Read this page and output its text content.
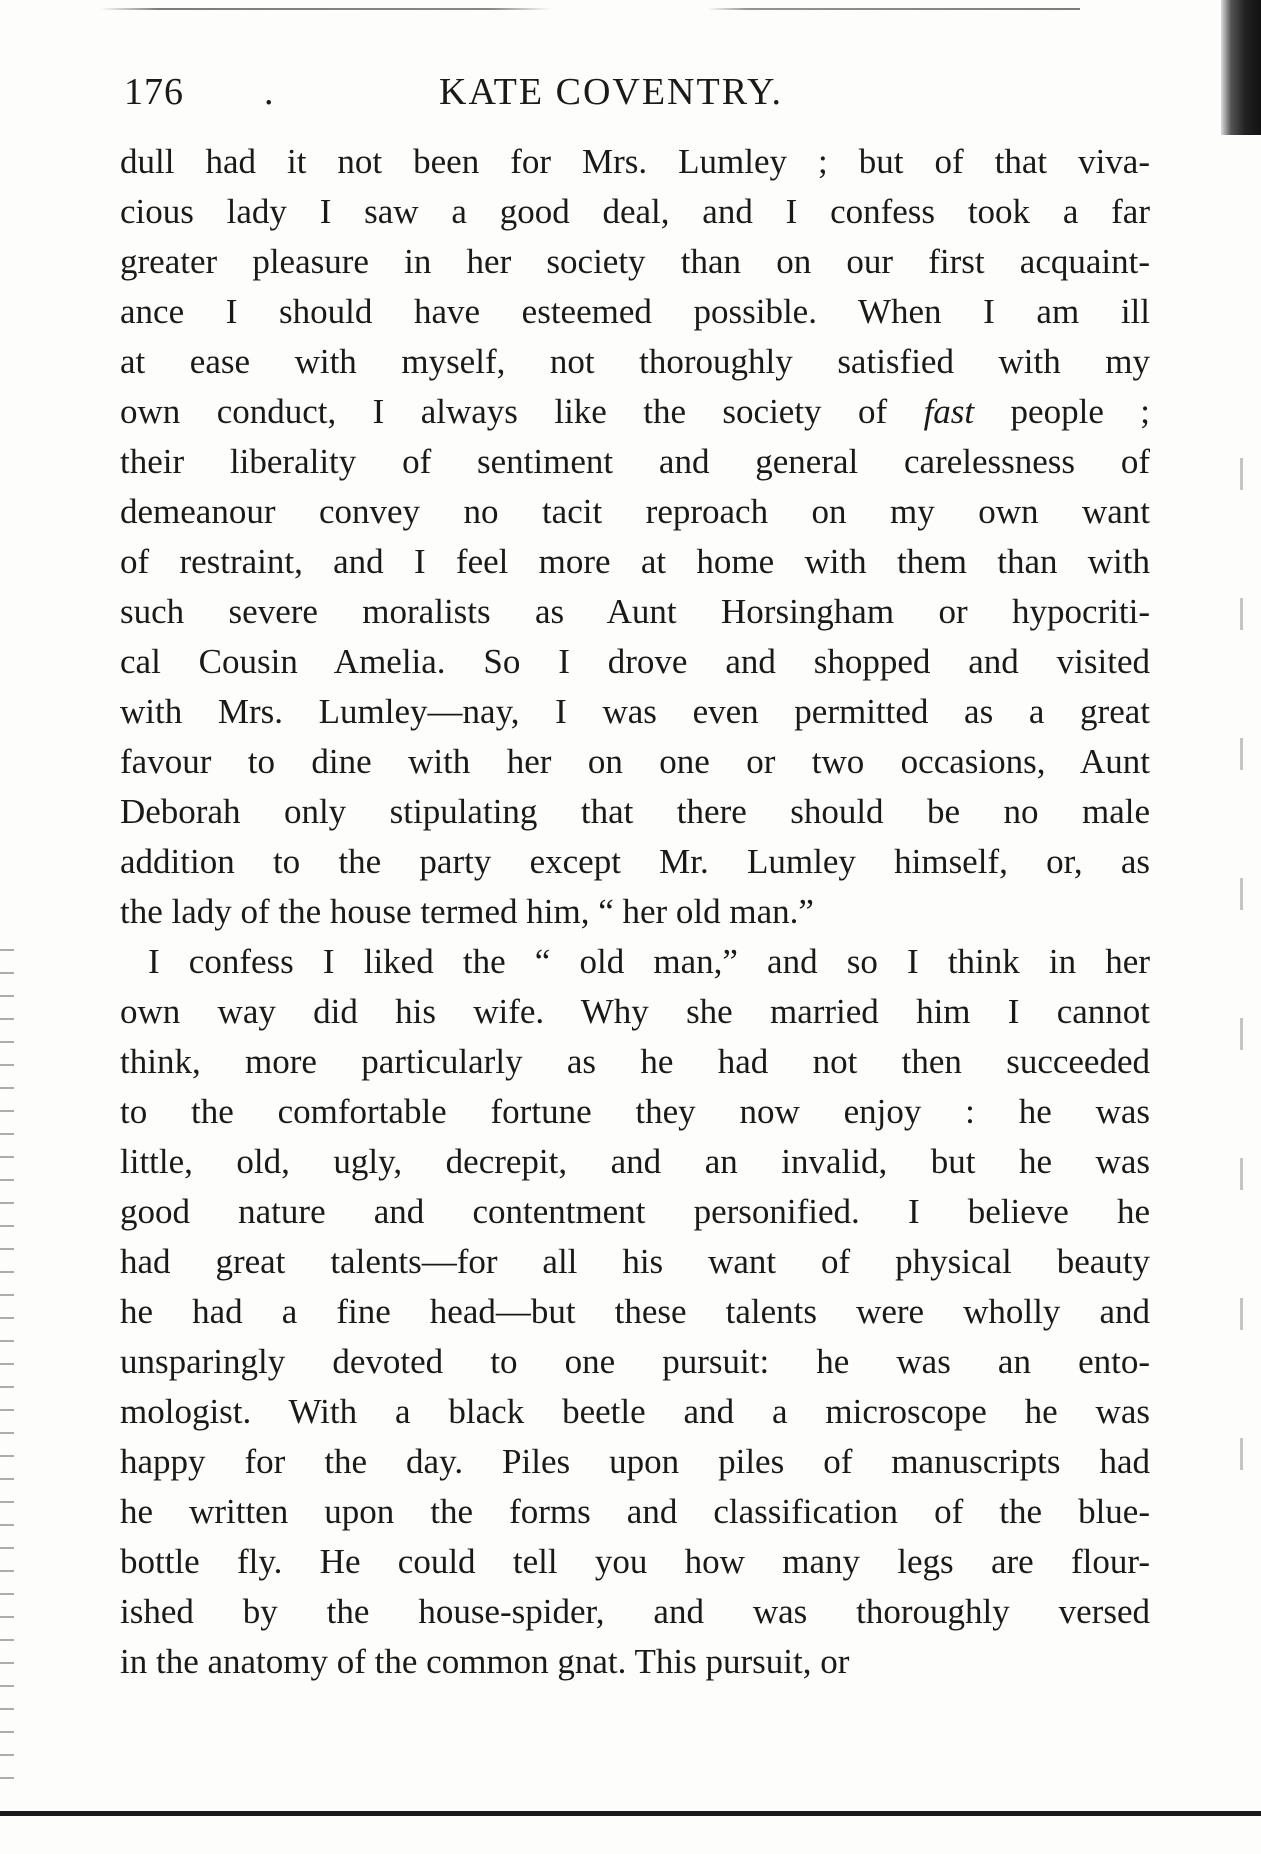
176 .	KATE COVENTRY.
dull had it not been for Mrs. Lumley ; but of that viva-
cious lady I saw a good deal, and I confess took a far
greater pleasure in her society than on our first acquaint-
ance I should have esteemed possible. When I am ill
at ease with myself, not thoroughly satisfied with my
own conduct, I always like the society of fast people ;
their liberality of sentiment and general carelessness of
demeanour convey no tacit reproach on my own want
of restraint, and I feel more at home with them than with
such severe moralists as Aunt Horsingham or hypocriti-
cal Cousin Amelia. So I drove and shopped and visited
with Mrs. Lumley—nay, I was even permitted as a great
favour to dine with her on one or two occasions, Aunt
Deborah only stipulating that there should be no male
addition to the party except Mr. Lumley himself, or, as
the lady of the house termed him, “ her old man.”
I confess I liked the “ old man,” and so I think in her
own way did his wife. Why she married him I cannot
think, more particularly as he had not then succeeded
to the comfortable fortune they now enjoy : he was
little, old, ugly, decrepit, and an invalid, but he was
good nature and contentment personified. I believe he
had great talents—for all his want of physical beauty
he had a fine head—but these talents were wholly and
unsparingly devoted to one pursuit: he was an ento-
mologist. With a black beetle and a microscope he was
happy for the day. Piles upon piles of manuscripts had
he written upon the forms and classification of the blue-
bottle fly. He could tell you how many legs are flour-
ished by the house-spider, and was thoroughly versed
in the anatomy of the common gnat. This pursuit, or
